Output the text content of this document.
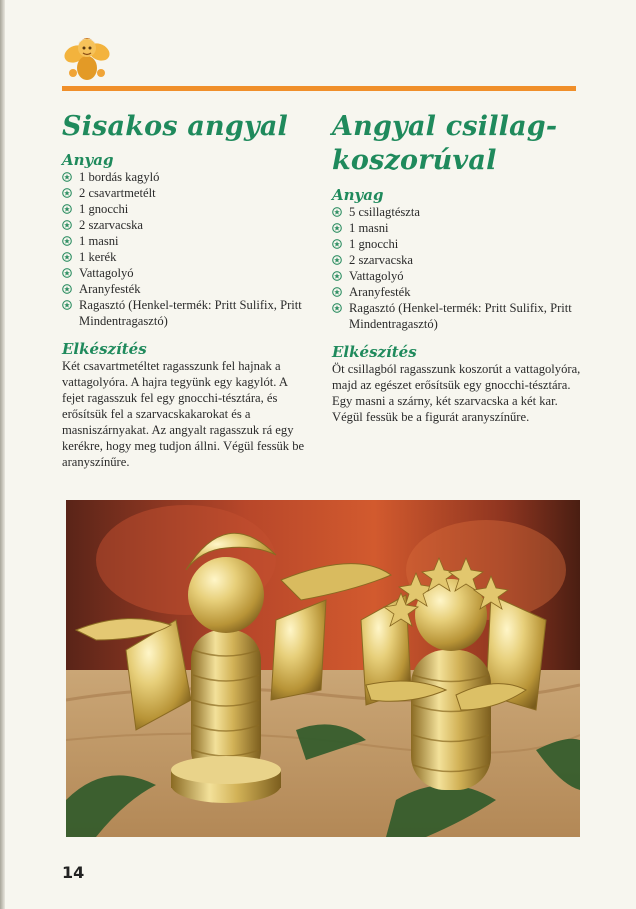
Sisakos angyal
Anyag
1 bordás kagyló
2 csavartmetélt
1 gnocchi
2 szarvacska
1 masni
1 kerék
Vattagolyó
Aranyfesték
Ragasztó (Henkel-termék: Pritt Sulifix, Pritt Mindentragasztó)
Elkészítés

Két csavartmetéltet ragasszunk fel hajnak a vattagolyóra. A hajra tegyünk egy kagylót. A fejet ragasszuk fel egy gnocchi-tésztára, és erősítsük fel a szarvacskakarokat és a masniszárnyakat. Az angyalt ragasszuk rá egy kerékre, hogy meg tudjon állni. Végül fessük be aranyszínűre.

Angyal csillag-
koszorúval
Anyag
5 csillagtészta
1 masni
1 gnocchi
2 szarvacska
Vattagolyó
Aranyfesték
Ragasztó (Henkel-termék: Pritt Sulifix, Pritt Mindentragasztó)
Elkészítés

Öt csillagból ragasszunk koszorút a vattagolyóra, majd az egészet erősítsük egy gnocchi-tésztára. Egy masni a szárny, két szarvacska a két kar. Végül fessük be a figurát aranyszínűre.

14
